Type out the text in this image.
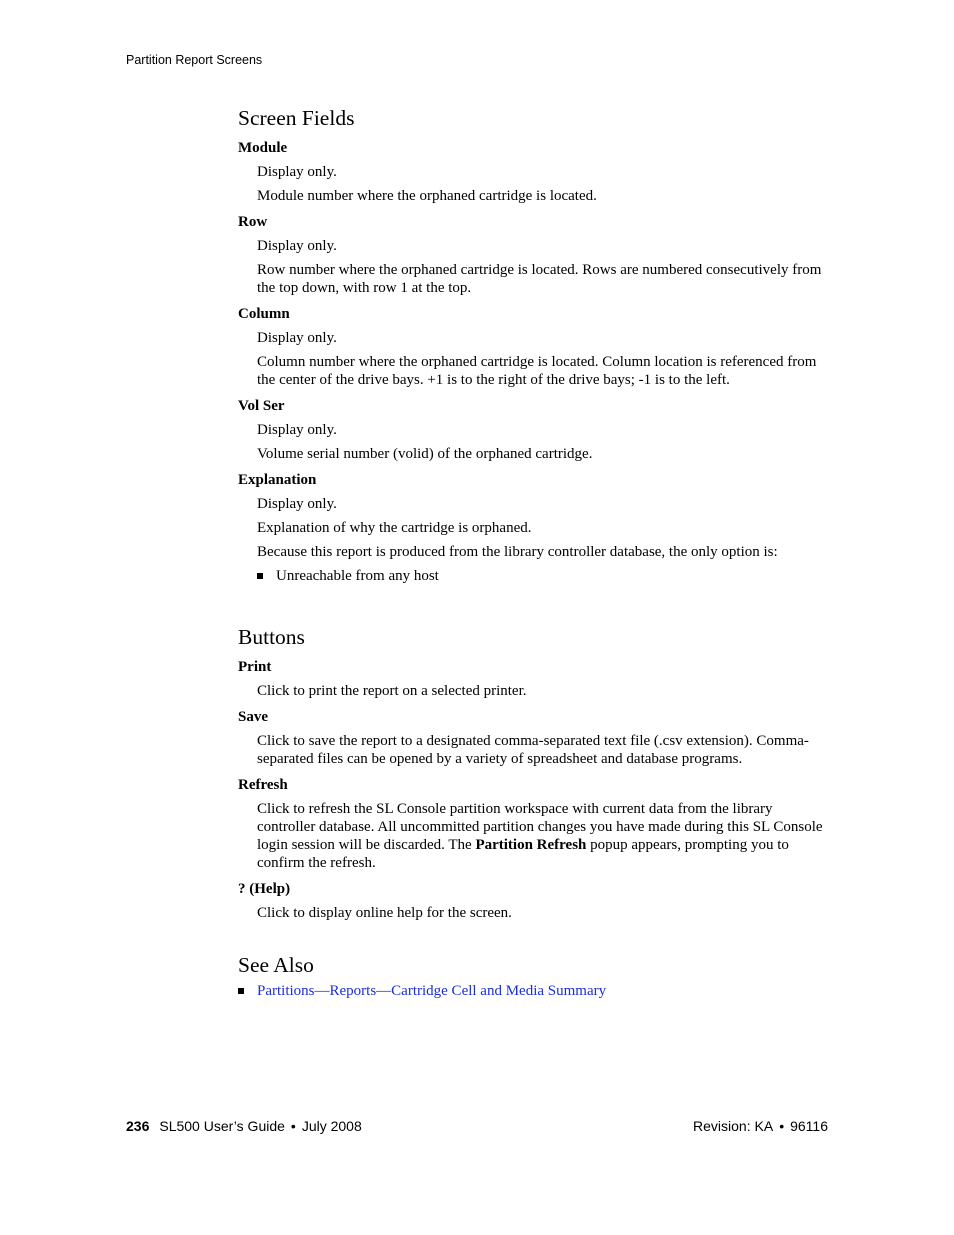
Partition Report Screens
Screen Fields
Module
Display only.
Module number where the orphaned cartridge is located.
Row
Display only.
Row number where the orphaned cartridge is located. Rows are numbered consecutively from the top down, with row 1 at the top.
Column
Display only.
Column number where the orphaned cartridge is located. Column location is referenced from the center of the drive bays. +1 is to the right of the drive bays; -1 is to the left.
Vol Ser
Display only.
Volume serial number (volid) of the orphaned cartridge.
Explanation
Display only.
Explanation of why the cartridge is orphaned.
Because this report is produced from the library controller database, the only option is:
Unreachable from any host
Buttons
Print
Click to print the report on a selected printer.
Save
Click to save the report to a designated comma-separated text file (.csv extension). Comma-separated files can be opened by a variety of spreadsheet and database programs.
Refresh
Click to refresh the SL Console partition workspace with current data from the library controller database. All uncommitted partition changes you have made during this SL Console login session will be discarded. The Partition Refresh popup appears, prompting you to confirm the refresh.
? (Help)
Click to display online help for the screen.
See Also
Partitions—Reports—Cartridge Cell and Media Summary
236 SL500 User’s Guide • July 2008	Revision: KA • 96116
